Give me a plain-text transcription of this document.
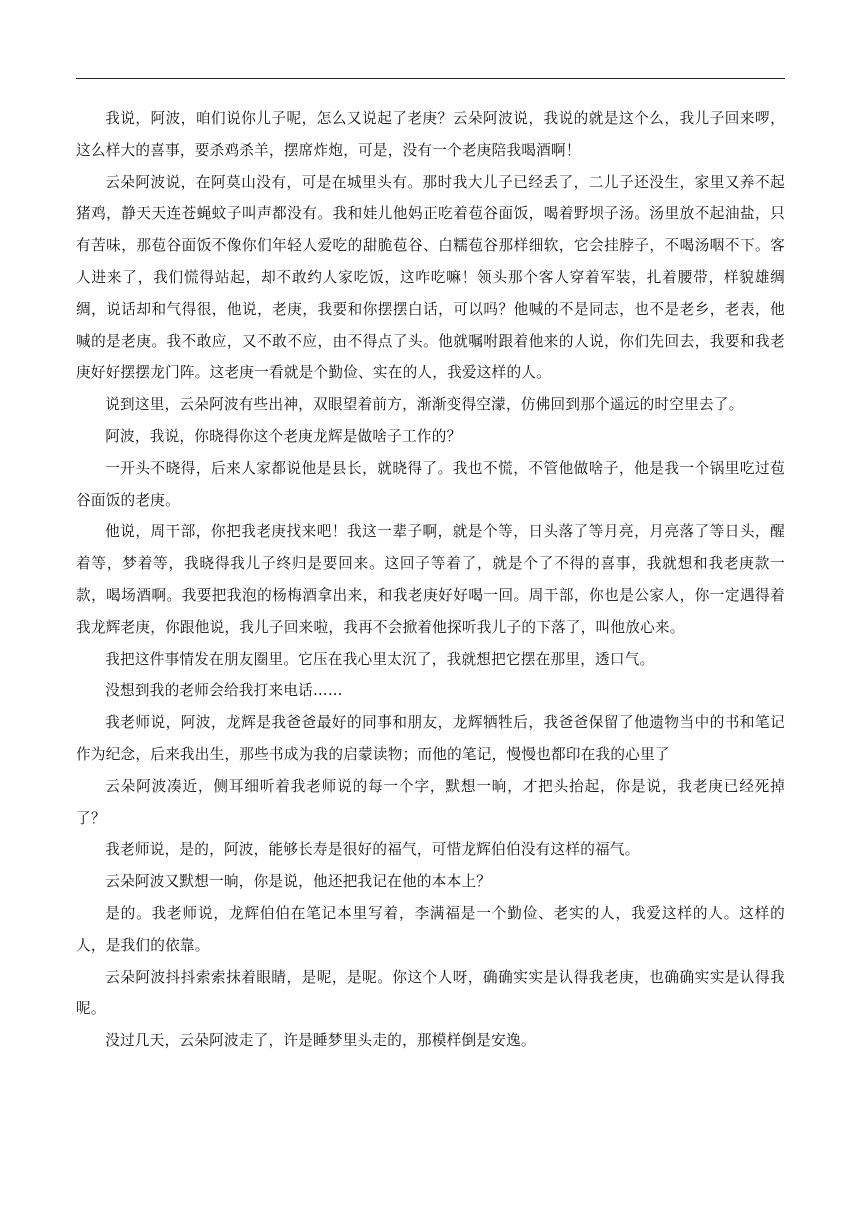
我说，阿波，咱们说你儿子呢，怎么又说起了老庚？云朵阿波说，我说的就是这个么，我儿子回来啰，这么样大的喜事，要杀鸡杀羊，摆席炸炮，可是，没有一个老庚陪我喝酒啊！

云朵阿波说，在阿莫山没有，可是在城里头有。那时我大儿子已经丢了，二儿子还没生，家里又养不起猪鸡，静天天连苍蝇蚊子叫声都没有。我和娃儿他妈正吃着苞谷面饭，喝着野坝子汤。汤里放不起油盐，只有苦味，那苞谷面饭不像你们年轻人爱吃的甜脆苞谷、白糯苞谷那样细软，它会挂脖子，不喝汤咽不下。客人进来了，我们慌得站起，却不敢约人家吃饭，这咋吃嘛！领头那个客人穿着军装，扎着腰带，样貌雄绸绸，说话却和气得很，他说，老庚，我要和你摆摆白话，可以吗？他喊的不是同志，也不是老乡，老表，他喊的是老庚。我不敢应，又不敢不应，由不得点了头。他就嘱咐跟着他来的人说，你们先回去，我要和我老庚好好摆摆龙门阵。这老庚一看就是个勤俭、实在的人，我爱这样的人。

说到这里，云朵阿波有些出神，双眼望着前方，渐渐变得空濛，仿佛回到那个遥远的时空里去了。

阿波，我说，你晓得你这个老庚龙辉是做啥子工作的？

一开头不晓得，后来人家都说他是县长，就晓得了。我也不慌，不管他做啥子，他是我一个锅里吃过苞谷面饭的老庚。

他说，周干部，你把我老庚找来吧！我这一辈子啊，就是个等，日头落了等月亮，月亮落了等日头，醒着等，梦着等，我晓得我儿子终归是要回来。这回子等着了，就是个了不得的喜事，我就想和我老庚款一款，喝场酒啊。我要把我泡的杨梅酒拿出来，和我老庚好好喝一回。周干部，你也是公家人，你一定遇得着我龙辉老庚，你跟他说，我儿子回来啦，我再不会掀着他探听我儿子的下落了，叫他放心来。

我把这件事情发在朋友圈里。它压在我心里太沉了，我就想把它摆在那里，透口气。

没想到我的老师会给我打来电话……

我老师说，阿波，龙辉是我爸爸最好的同事和朋友，龙辉牺牲后，我爸爸保留了他遗物当中的书和笔记作为纪念，后来我出生，那些书成为我的启蒙读物；而他的笔记，慢慢也都印在我的心里了

云朵阿波凑近，侧耳细听着我老师说的每一个字，默想一晌，才把头抬起，你是说，我老庚已经死掉了？

我老师说，是的，阿波，能够长寿是很好的福气，可惜龙辉伯伯没有这样的福气。

云朵阿波又默想一晌，你是说，他还把我记在他的本本上？

是的。我老师说，龙辉伯伯在笔记本里写着，李满福是一个勤俭、老实的人，我爱这样的人。这样的人，是我们的依靠。

云朵阿波抖抖索索抹着眼睛，是呢，是呢。你这个人呀，确确实实是认得我老庚，也确确实实是认得我呢。

没过几天，云朵阿波走了，许是睡梦里头走的，那模样倒是安逸。
